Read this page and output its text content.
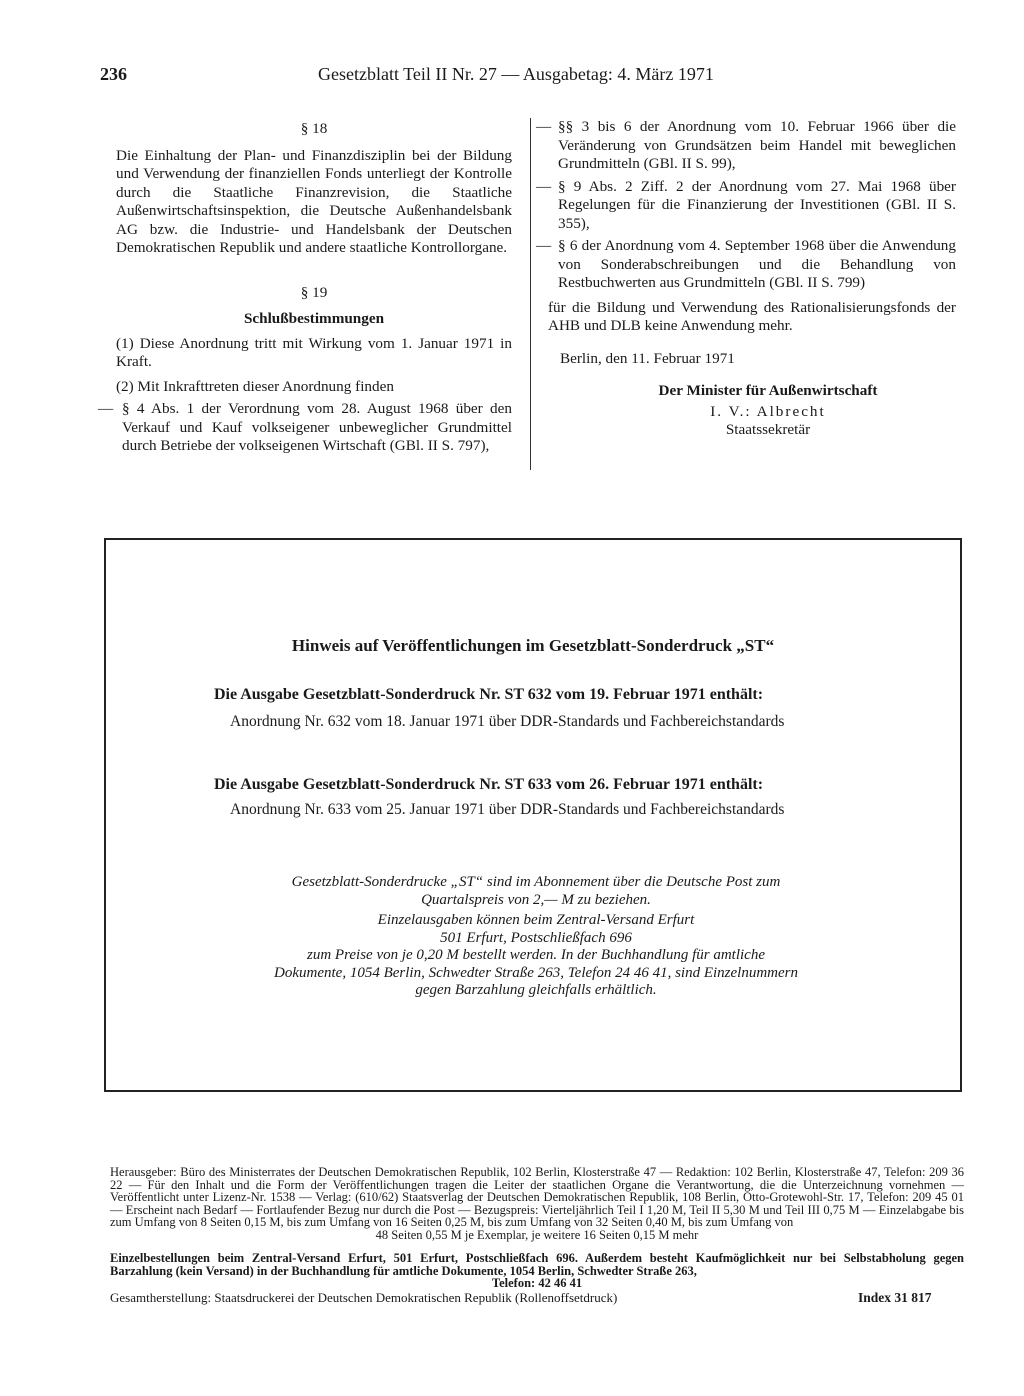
236	Gesetzblatt Teil II Nr. 27 — Ausgabetag: 4. März 1971

§ 18

Die Einhaltung der Plan- und Finanzdisziplin bei der Bildung und Verwendung der finanziellen Fonds unterliegt der Kontrolle durch die Staatliche Finanzrevision, die Staatliche Außenwirtschaftsinspektion, die Deutsche Außenhandelsbank AG bzw. die Industrie- und Handelsbank der Deutschen Demokratischen Republik und andere staatliche Kontrollorgane.

§ 19

Schlußbestimmungen

(1) Diese Anordnung tritt mit Wirkung vom 1. Januar 1971 in Kraft.

(2) Mit Inkrafttreten dieser Anordnung finden

— § 4 Abs. 1 der Verordnung vom 28. August 1968 über den Verkauf und Kauf volkseigener unbeweglicher Grundmittel durch Betriebe der volkseigenen Wirtschaft (GBl. II S. 797),
— §§ 3 bis 6 der Anordnung vom 10. Februar 1966 über die Veränderung von Grundsätzen beim Handel mit beweglichen Grundmitteln (GBl. II S. 99),
— § 9 Abs. 2 Ziff. 2 der Anordnung vom 27. Mai 1968 über Regelungen für die Finanzierung der Investitionen (GBl. II S. 355),
— § 6 der Anordnung vom 4. September 1968 über die Anwendung von Sonderabschreibungen und die Behandlung von Restbuchwerten aus Grundmitteln (GBl. II S. 799)

für die Bildung und Verwendung des Rationalisierungsfonds der AHB und DLB keine Anwendung mehr.

Berlin, den 11. Februar 1971

Der Minister für Außenwirtschaft

I. V.: Albrecht

Staatssekretär

Hinweis auf Veröffentlichungen im Gesetzblatt-Sonderdruck „ST“
Die Ausgabe Gesetzblatt-Sonderdruck Nr. ST 632 vom 19. Februar 1971 enthält:
Anordnung Nr. 632 vom 18. Januar 1971 über DDR-Standards und Fachbereichstandards
Die Ausgabe Gesetzblatt-Sonderdruck Nr. ST 633 vom 26. Februar 1971 enthält:
Anordnung Nr. 633 vom 25. Januar 1971 über DDR-Standards und Fachbereichstandards
Gesetzblatt-Sonderdrucke „ST“ sind im Abonnement über die Deutsche Post zum
Quartalspreis von 2,— M zu beziehen.
Einzelausgaben können beim Zentral-Versand Erfurt
501 Erfurt, Postschließfach 696
zum Preise von je 0,20 M bestellt werden. In der Buchhandlung für amtliche
Dokumente, 1054 Berlin, Schwedter Straße 263, Telefon 24 46 41, sind Einzelnummern
gegen Barzahlung gleichfalls erhältlich.
Herausgeber: Büro des Ministerrates der Deutschen Demokratischen Republik, 102 Berlin, Klosterstraße 47 — Redaktion: 102 Berlin, Klosterstraße 47, Telefon: 209 36 22 — Für den Inhalt und die Form der Veröffentlichungen tragen die Leiter der staatlichen Organe die Verantwortung, die die Unterzeichnung vornehmen — Veröffentlicht unter Lizenz-Nr. 1538 — Verlag: (610/62) Staatsverlag der Deutschen Demokratischen Republik, 108 Berlin, Otto-Grotewohl-Str. 17, Telefon: 209 45 01 — Erscheint nach Bedarf — Fortlaufender Bezug nur durch die Post — Bezugspreis: Vierteljährlich Teil I 1,20 M, Teil II 5,30 M und Teil III 0,75 M — Einzelabgabe bis zum Umfang von 8 Seiten 0,15 M, bis zum Umfang von 16 Seiten 0,25 M, bis zum Umfang von 32 Seiten 0,40 M, bis zum Umfang von
48 Seiten 0,55 M je Exemplar, je weitere 16 Seiten 0,15 M mehr
Einzelbestellungen beim Zentral-Versand Erfurt, 501 Erfurt, Postschließfach 696. Außerdem besteht Kaufmöglichkeit nur bei Selbstabholung gegen Barzahlung (kein Versand) in der Buchhandlung für amtliche Dokumente, 1054 Berlin, Schwedter Straße 263,
Telefon: 42 46 41
Gesamtherstellung: Staatsdruckerei der Deutschen Demokratischen Republik (Rollenoffsetdruck)	Index 31 817
